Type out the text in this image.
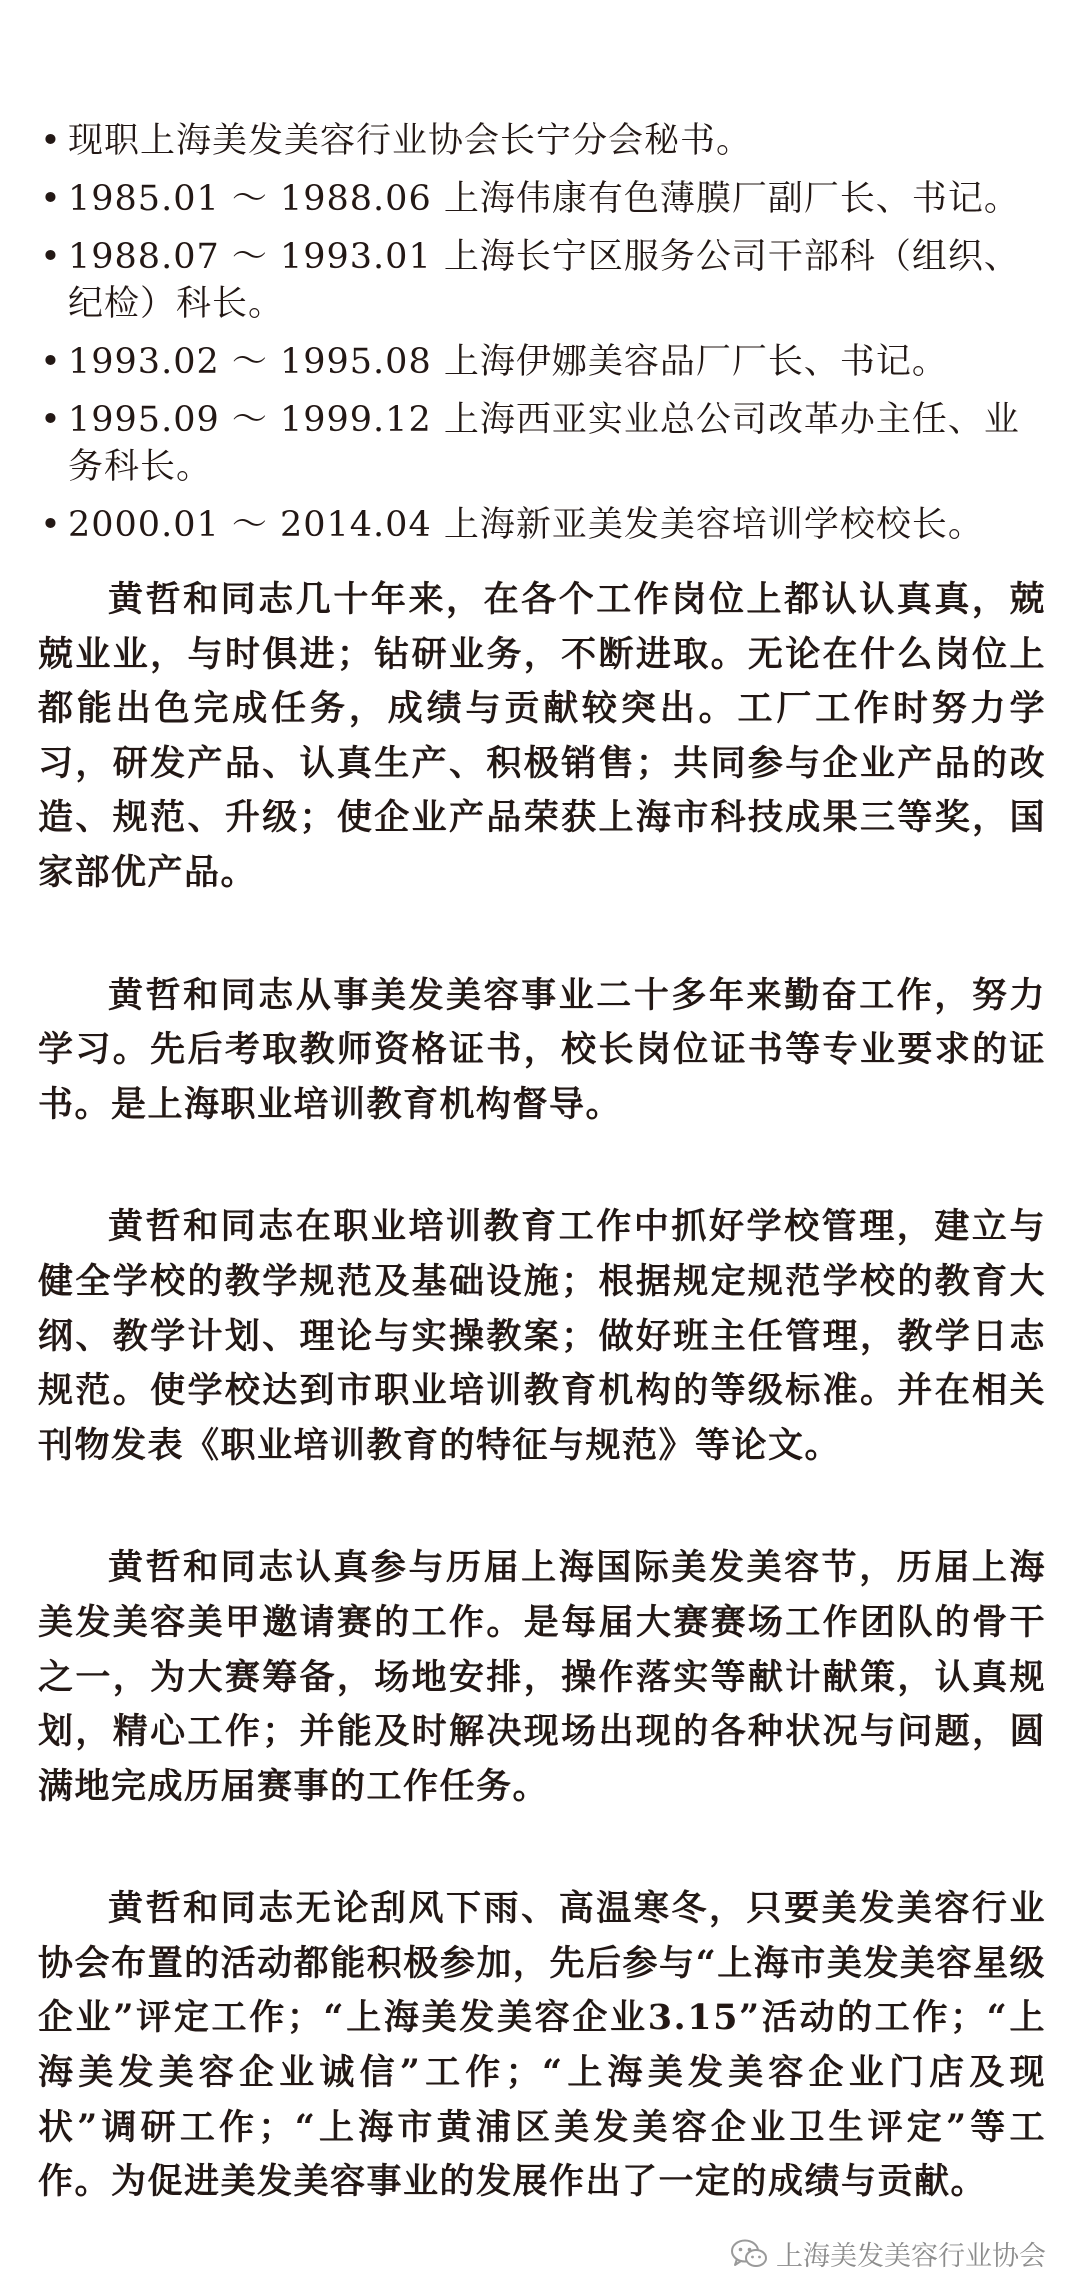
• 现职上海美发美容行业协会长宁分会秘书。
• 1985.01 ～ 1988.06 上海伟康有色薄膜厂副厂长、书记。
• 1988.07 ～ 1993.01 上海长宁区服务公司干部科（组织、纪检）科长。
• 1993.02 ～ 1995.08 上海伊娜美容品厂厂长、书记。
• 1995.09 ～ 1999.12 上海西亚实业总公司改革办主任、业务科长。
• 2000.01 ～ 2014.04 上海新亚美发美容培训学校校长。

黄哲和同志几十年来，在各个工作岗位上都认认真真，兢兢业业，与时俱进；钻研业务，不断进取。无论在什么岗位上都能出色完成任务，成绩与贡献较突出。工厂工作时努力学习，研发产品、认真生产、积极销售；共同参与企业产品的改造、规范、升级；使企业产品荣获上海市科技成果三等奖，国家部优产品。

黄哲和同志从事美发美容事业二十多年来勤奋工作，努力学习。先后考取教师资格证书，校长岗位证书等专业要求的证书。是上海职业培训教育机构督导。

黄哲和同志在职业培训教育工作中抓好学校管理，建立与健全学校的教学规范及基础设施；根据规定规范学校的教育大纲、教学计划、理论与实操教案；做好班主任管理，教学日志规范。使学校达到市职业培训教育机构的等级标准。并在相关刊物发表《职业培训教育的特征与规范》等论文。

黄哲和同志认真参与历届上海国际美发美容节，历届上海美发美容美甲邀请赛的工作。是每届大赛赛场工作团队的骨干之一，为大赛筹备，场地安排，操作落实等献计献策，认真规划，精心工作；并能及时解决现场出现的各种状况与问题，圆满地完成历届赛事的工作任务。

黄哲和同志无论刮风下雨、高温寒冬，只要美发美容行业协会布置的活动都能积极参加，先后参与“上海市美发美容星级企业”评定工作；“上海美发美容企业3.15”活动的工作；“上海美发美容企业诚信”工作；“上海美发美容企业门店及现状”调研工作；“上海市黄浦区美发美容企业卫生评定”等工作。为促进美发美容事业的发展作出了一定的成绩与贡献。

上海美发美容行业协会
